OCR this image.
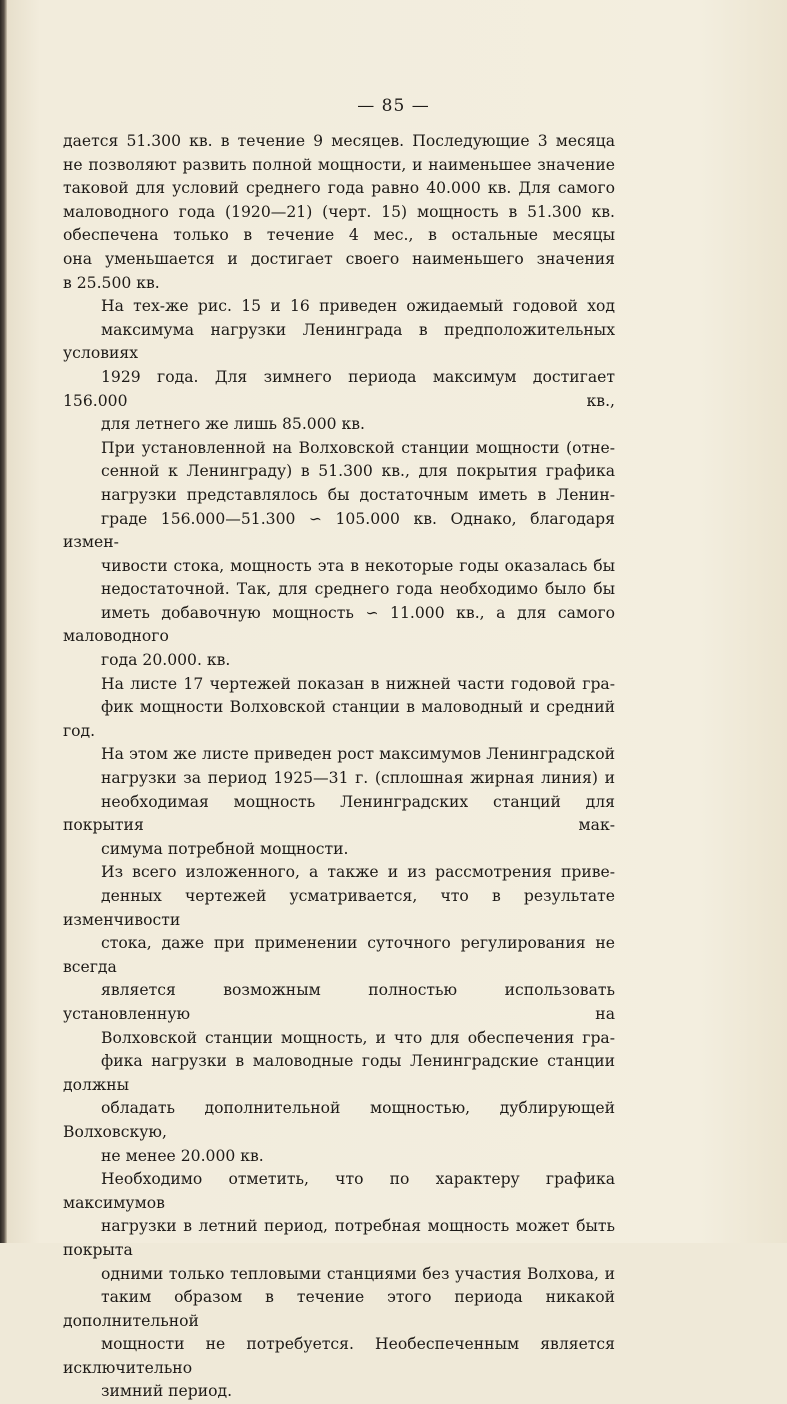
— 85 —

дается 51.300 кв. в течение 9 месяцев. Последующие 3 месяца
не позволяют развить полной мощности, и наименьшее значение
таковой для условий среднего года равно 40.000 кв. Для самого
маловодного года (1920—21) (черт. 15) мощность в 51.300 кв.
обеспечена только в течение 4 мес., в остальные месяцы
она уменьшается и достигает своего наименьшего значения
в 25.500 кв.

На тех-же рис. 15 и 16 приведен ожидаемый годовой ход
максимума нагрузки Ленинграда в предположительных условиях
1929 года. Для зимнего периода максимум достигает 156.000 кв.,
для летнего же лишь 85.000 кв.

При установленной на Волховской станции мощности (отне-
сенной к Ленинграду) в 51.300 кв., для покрытия графика
нагрузки представлялось бы достаточным иметь в Ленин-
граде 156.000—51.300 ∽ 105.000 кв. Однако, благодаря измен-
чивости стока, мощность эта в некоторые годы оказалась бы
недостаточной. Так, для среднего года необходимо было бы
иметь добавочную мощность ∽ 11.000 кв., а для самого маловодного
года 20.000. кв.

На листе 17 чертежей показан в нижней части годовой гра-
фик мощности Волховской станции в маловодный и средний год.
На этом же листе приведен рост максимумов Ленинградской
нагрузки за период 1925—31 г. (сплошная жирная линия) и
необходимая мощность Ленинградских станций для покрытия мак-
симума потребной мощности.

Из всего изложенного, а также и из рассмотрения приве-
денных чертежей усматривается, что в результате изменчивости
стока, даже при применении суточного регулирования не всегда
является возможным полностью использовать установленную на
Волховской станции мощность, и что для обеспечения гра-
фика нагрузки в маловодные годы Ленинградские станции должны
обладать дополнительной мощностью, дублирующей Волховскую,
не менее 20.000 кв.

Необходимо отметить, что по характеру графика максимумов
нагрузки в летний период, потребная мощность может быть покрыта
одними только тепловыми станциями без участия Волхова, и
таким образом в течение этого периода никакой дополнительной
мощности не потребуется. Необеспеченным является исключительно
зимний период.
